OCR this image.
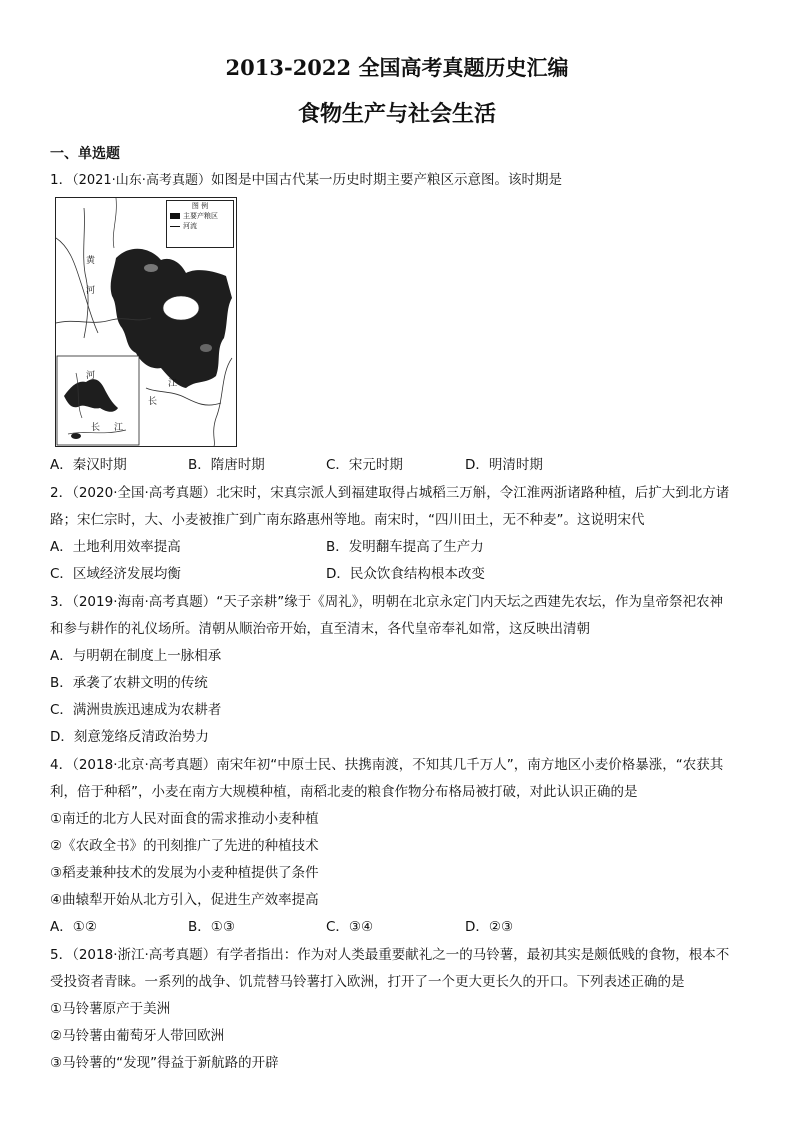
2013-2022 全国高考真题历史汇编
食物生产与社会生活
一、单选题
1．（2021·山东·高考真题）如图是中国古代某一历史时期主要产粮区示意图。该时期是
图 例
主要产粮区
河流
黄
河
江
长
河
长 江
A．秦汉时期	B．隋唐时期	C．宋元时期	D．明清时期
2．（2020·全国·高考真题）北宋时，宋真宗派人到福建取得占城稻三万斛，令江淮两浙诸路种植，后扩大到北方诸
路；宋仁宗时，大、小麦被推广到广南东路惠州等地。南宋时，“四川田土，无不种麦”。这说明宋代
A．土地利用效率提高	B．发明翻车提高了生产力
C．区域经济发展均衡	D．民众饮食结构根本改变
3．（2019·海南·高考真题）“天子亲耕”缘于《周礼》，明朝在北京永定门内天坛之西建先农坛，作为皇帝祭祀农神
和参与耕作的礼仪场所。清朝从顺治帝开始，直至清末，各代皇帝奉礼如常，这反映出清朝
A．与明朝在制度上一脉相承
B．承袭了农耕文明的传统
C．满洲贵族迅速成为农耕者
D．刻意笼络反清政治势力
4．（2018·北京·高考真题）南宋年初“中原士民、扶携南渡，不知其几千万人”，南方地区小麦价格暴涨，“农获其
利，倍于种稻”，小麦在南方大规模种植，南稻北麦的粮食作物分布格局被打破，对此认识正确的是
①南迁的北方人民对面食的需求推动小麦种植
②《农政全书》的刊刻推广了先进的种植技术
③稻麦兼种技术的发展为小麦种植提供了条件
④曲辕犁开始从北方引入，促进生产效率提高
A．①②	B．①③	C．③④	D．②③
5．（2018·浙江·高考真题）有学者指出：作为对人类最重要献礼之一的马铃薯，最初其实是颇低贱的食物，根本不
受投资者青睐。一系列的战争、饥荒替马铃薯打入欧洲，打开了一个更大更长久的开口。下列表述正确的是
①马铃薯原产于美洲
②马铃薯由葡萄牙人带回欧洲
③马铃薯的“发现”得益于新航路的开辟
